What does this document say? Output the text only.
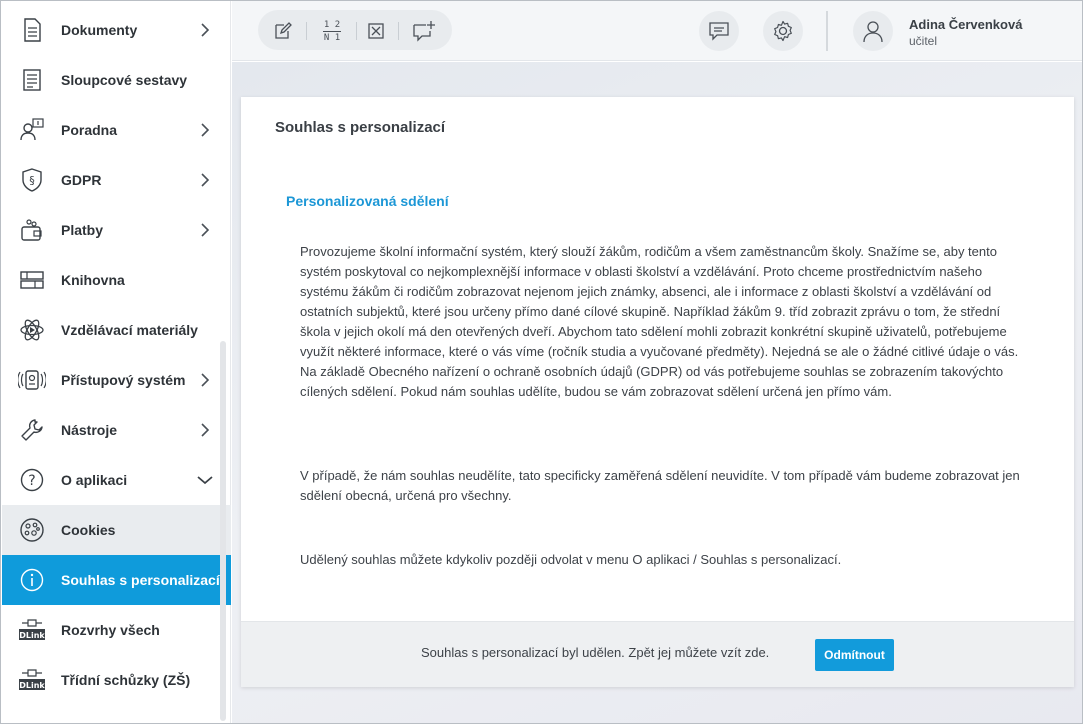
Dokumenty
Sloupcové sestavy
Poradna
§ GDPR
Platby
Knihovna
Vzdělávací materiály
Přístupový systém
Nástroje
? O aplikaci
Cookies
Souhlas s personalizací
DLink Rozvrhy všech
DLink Třídní schůzky (ZŠ)
1 2
N 1
Adina Červenková
učitel
Souhlas s personalizací
Personalizovaná sdělení
Provozujeme školní informační systém, který slouží žákům, rodičům a všem zaměstnancům školy. Snažíme se, aby tento systém poskytoval co nejkomplexnější informace v oblasti školství a vzdělávání. Proto chceme prostřednictvím našeho systému žákům či rodičům zobrazovat nejenom jejich známky, absenci, ale i informace z oblasti školství a vzdělávání od ostatních subjektů, které jsou určeny přímo dané cílové skupině. Například žákům 9. tříd zobrazit zprávu o tom, že střední škola v jejich okolí má den otevřených dveří. Abychom tato sdělení mohli zobrazit konkrétní skupině uživatelů, potřebujeme využít některé informace, které o vás víme (ročník studia a vyučované předměty). Nejedná se ale o žádné citlivé údaje o vás. Na základě Obecného nařízení o ochraně osobních údajů (GDPR) od vás potřebujeme souhlas se zobrazením takovýchto cílených sdělení. Pokud nám souhlas udělíte, budou se vám zobrazovat sdělení určená jen přímo vám.
V případě, že nám souhlas neudělíte, tato specificky zaměřená sdělení neuvidíte. V tom případě vám budeme zobrazovat jen sdělení obecná, určená pro všechny.
Udělený souhlas můžete kdykoliv později odvolat v menu O aplikaci / Souhlas s personalizací.
Souhlas s personalizací byl udělen. Zpět jej můžete vzít zde.	Odmítnout
